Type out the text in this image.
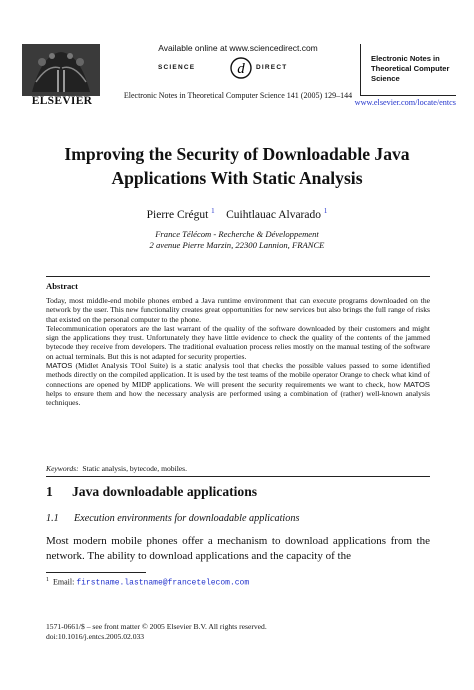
ELSEVIER
Available online at www.sciencedirect.com
SCIENCE	d DIRECT
Electronic Notes in Theoretical Computer Science 141 (2005) 129–144
Electronic Notes in
Theoretical Computer
Science
www.elsevier.com/locate/entcs
Improving the Security of Downloadable Java
Applications With Static Analysis
Pierre Crégut $^1$ Cuihtlauac Alvarado $^1$
France Télécom - Recherche & Développement
2 avenue Pierre Marzin, 22300 Lannion, FRANCE
Abstract

Today, most middle-end mobile phones embed a Java runtime environment that can execute programs downloaded on the network by the user. This new functionality creates great opportunities for new services but also brings the full range of risks that existed on the personal computer to the phone.

Telecommunication operators are the last warrant of the quality of the software downloaded by their customers and might sign the applications they trust. Unfortunately they have little evidence to check the quality of the contents of the jammed bytecode they receive from developers. The traditional evaluation process relies mostly on the manual testing of the software on actual terminals. But this is not adapted for security properties.

MATOS (Midlet Analysis TOol Suite) is a static analysis tool that checks the possible values passed to some identified methods directly on the compiled application. It is used by the test teams of the mobile operator Orange to check what kind of connections are opened by MIDP applications. We will present the security requirements we want to check, how MATOS helps to ensure them and how the necessary analysis are performed using a combination of (rather) well-known analysis techniques.

Keywords: Static analysis, bytecode, mobiles.
1 Java downloadable applications
1.1 Execution environments for downloadable applications

Most modern mobile phones offer a mechanism to download applications from the network. The ability to download applications and the capacity of the

$^1$ Email: firstname.lastname@francetelecom.com
1571-0661/$ – see front matter © 2005 Elsevier B.V. All rights reserved.
doi:10.1016/j.entcs.2005.02.033
